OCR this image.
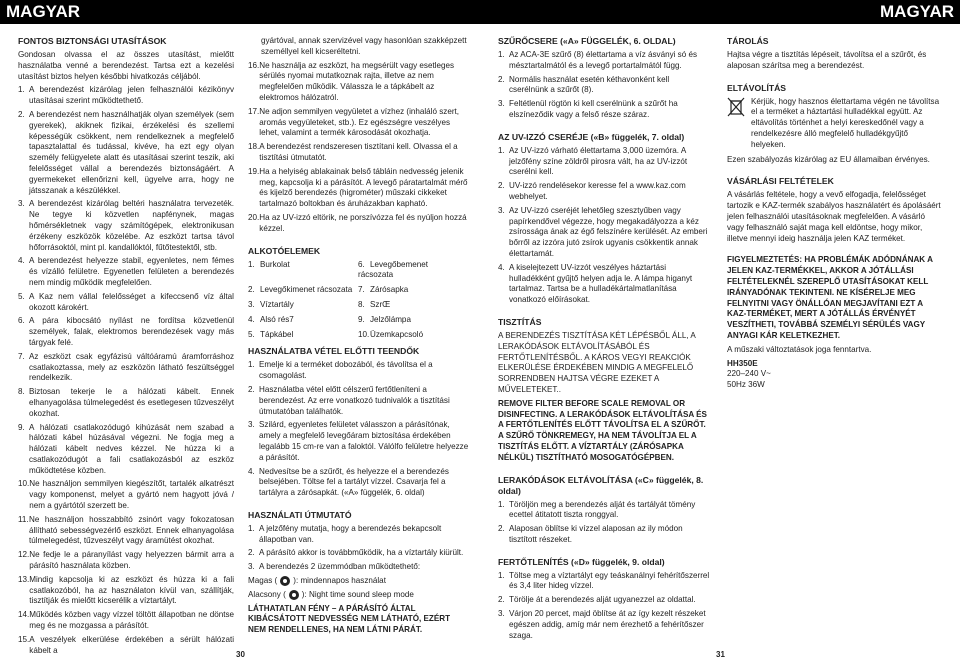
MAGYAR	MAGYAR
FONTOS BIZTONSÁGI UTASÍTÁSOK

Gondosan olvassa el az összes utasítást, mielőtt használatba venné a berendezést. Tartsa ezt a kezelési utasítást biztos helyen későbbi hivatkozás céljából.

1. A berendezést kizárólag jelen felhasználói kézikönyv utasításai szerint működtethető.
2. A berendezést nem használhatják olyan személyek (sem gyerekek), akiknek fizikai, érzékelési és szellemi képességük csökkent, nem rendelkeznek a megfelelő tapasztalattal és tudással, kivéve, ha ezt egy olyan személy felügyelete alatt és utasításai szerint teszik, aki felelősséget vállal a berendezés biztonságáért. A gyermekeket ellenőrizni kell, ügyelve arra, hogy ne játsszanak a készülékkel.
3. A berendezést kizárólag beltéri használatra tervezeték. Ne tegye ki közvetlen napfénynek, magas hőmérsékletnek vagy számítógépek, elektronikusan érzékeny eszközök közelébe. Az eszközt tartsa távol hőforrásoktól, mint pl. kandallóktól, fűtőtestektől, stb.
4. A berendezést helyezze stabil, egyenletes, nem fémes és vízálló felületre. Egyenetlen felületen a berendezés nem mindig működik megfelelően.
5. A Kaz nem vállal felelősséget a kifeccsenő víz által okozott károkért.
6. A pára kibocsátó nyílást ne fordítsa közvetlenül személyek, falak, elektromos berendezések vagy más tárgyak felé.
7. Az eszközt csak egyfázisú váltóáramú áramforráshoz csatlakoztassa, mely az eszközön látható feszültséggel rendelkezik.
8. Biztosan tekerje le a hálózati kábelt. Ennek elhanyagolása túlmelegedést és esetlegesen tűzveszélyt okozhat.
9. A hálózati csatlakozódugó kihúzását nem szabad a hálózati kábel húzásával végezni. Ne fogja meg a hálózati kábelt nedves kézzel. Ne húzza ki a csatlakozódugót a fali csatlakozásból az eszköz működtetése közben.
10. Ne használjon semmilyen kiegészítőt, tartalék alkatrészt vagy komponenst, melyet a gyártó nem hagyott jóvá / nem a gyártótól szerzett be.
11. Ne használjon hosszabbító zsinórt vagy fokozatosan állítható sebességvezérlő eszközt. Ennek elhanyagolása túlmelegedést, tűzveszélyt vagy áramütést okozhat.
12. Ne fedje le a páranyílást vagy helyezzen bármit arra a párásító használata közben.
13. Mindig kapcsolja ki az eszközt és húzza ki a fali csatlakozóból, ha az használaton kívül van, szállítják, tisztítják és mielőtt kicserélik a víztartályt.
14. Működés közben vagy vízzel töltött állapotban ne döntse meg és ne mozgassa a párásítót.
15. A veszélyek elkerülése érdekében a sérült hálózati kábelt a

gyártóval, annak szervizével vagy hasonlóan szakképzett személlyel kell kicseréltetni.

16. Ne használja az eszközt, ha megsérült vagy esetleges sérülés nyomai mutatkoznak rajta, illetve az nem megfelelően működik. Válassza le a tápkábelt az elektromos hálózatról.
17. Ne adjon semmilyen vegyületet a vízhez (inhaláló szert, aromás vegyületeket, stb.). Ez egészségre veszélyes lehet, valamint a termék károsodását okozhatja.
18. A berendezést rendszeresen tisztítani kell. Olvassa el a tisztítási útmutatót.
19. Ha a helyiség ablakainak belső tábláin nedvesség jelenik meg, kapcsolja ki a párásítót. A levegő páratartalmát mérő és kijelző berendezés (higrométer) műszaki cikkeket tartalmazó boltokban és áruházakban kapható.
20. Ha az UV-izzó eltörik, ne porszívózza fel és nyúljon hozzá kézzel.
ALKOTÓELEMEK
1. Burkolat	6. Levegőbemenet rácsozata
2. Levegőkimenet rácsozata 7. Zárósapka
3. Víztartály	8. SzrŒ
4. Alsó rés7	9. Jelzőlámpa
5. Tápkábel	10.Üzemkapcsoló
HASZNÁLATBA VÉTEL ELŐTTI TEENDŐK
1. Emelje ki a terméket dobozából, és távolítsa el a csomagolást.
2. Használatba vétel előtt célszerű fertőtleníteni a berendezést. Az erre vonatkozó tudnivalók a tisztítási útmutatóban találhatók.
3. Szilárd, egyenletes felületet válasszon a párásítónak, amely a megfelelő levegőáram biztosítása érdekében legalább 15 cm-re van a faloktól. Válólfo felületre helyezze a párásítót.
4. Nedvesítse be a szűrőt, és helyezze el a berendezés belsejében. Töltse fel a tartályt vízzel. Csavarja fel a tartályra a zárósapkát. («A» függelék, 6. oldal)
HASZNÁLATI ÚTMUTATÓ
1. A jelzőfény mutatja, hogy a berendezés bekapcsolt állapotban van.
2. A párásító akkor is továbbműködik, ha a víztartály kiürült.
3. A berendezés 2 üzemmódban működtethető:
Magas ( ): mindennapos használat
Alacsony ( ): Night time sound sleep mode

LÁTHATATLAN FÉNY – A PÁRÁSÍTÓ ÁLTAL KIBÁCSÁTOTT NEDVESSÉG NEM LÁTHATÓ, EZÉRT NEM RENDELLENES, HA NEM LÁTNI PÁRÁT.

SZŰRŐCSERE («A» FÜGGELÉK, 6. OLDAL)
1. Az ACA-3E szűrő (8) élettartama a víz ásványi só és mésztartalmától és a levegő portartalmától függ.
2. Normális használat esetén kéthavonként kell cserélnünk a szűrőt (8).
3. Feltétlenül rögtön ki kell cserélnünk a szűrőt ha elszíneződik vagy a felső része száraz.
AZ UV-IZZÓ CSERÉJE («B» függelék, 7. oldal)
1. Az UV-izzó várható élettartama 3,000 üzemóra. A jelzőfény színe zöldről pirosra vált, ha az UV-izzót cserélni kell.
2. UV-izzó rendelésekor keresse fel a www.kaz.com webhelyet.
3. Az UV-izzó cseréjét lehetőleg szesztyűben vagy papírkendővel végezze, hogy megakadályozza a kéz zsírossága ának az égő felszínére kerülését. Az emberi bőrről az izzóra jutó zsírok ugyanis csökkentik annak élettartamát.
4. A kiselejtezett UV-izzót veszélyes háztartási hulladékként gyűjtő helyen adja le. A lámpa higanyt tartalmaz. Tartsa be a hulladékártalmatlanítása vonatkozó előírásokat.
TISZTÍTÁS

A BERENDEZÉS TISZTÍTÁSA KÉT LÉPÉSBŐL ÁLL, A LERAKÓDÁSOK ELTÁVOLÍTÁSÁBÓL ÉS FERTŐTLENÍTÉSBŐL. A KÁROS VEGYI REAKCIÓK ELKERÜLÉSE ÉRDEKÉBEN MINDIG A MEGFELELŐ SORRENDBEN HAJTSA VÉGRE EZEKET A MŰVELETEKET..

REMOVE FILTER BEFORE SCALE REMOVAL OR DISINFECTING. A LERAKÓDÁSOK ELTÁVOLÍTÁSA ÉS A FERTŐTLENÍTÉS ELŐTT TÁVOLÍTSA EL A SZŰRŐT. A SZŰRŐ TÖNKREMEGY, HA NEM TÁVOLÍTJA EL A TISZTÍTÁS ELŐTT. A VÍZTARTÁLY (ZÁRÓSAPKA NÉLKÜL) TISZTÍTHATÓ MOSOGATÓGÉPBEN.

LERAKÓDÁSOK ELTÁVOLÍTÁSA («C» függelék, 8. oldal)
1. Töröljön meg a berendezés alját és tartályát tömény ecettel átitatott tiszta ronggyal.
2. Alaposan öblítse ki vízzel alaposan az ily módon tisztított részeket.
FERTŐTLENÍTÉS («D» függelék, 9. oldal)
1. Töltse meg a víztartályt egy teáskanálnyi fehérítőszerrel és 3,4 liter hideg vízzel.
2. Törölje át a berendezés alját ugyanezzel az oldattal.
3. Várjon 20 percet, majd öblítse át az így kezelt részeket egészen addig, amíg már nem érezhető a fehérítőszer szaga.
TÁROLÁS

Hajtsa végre a tisztítás lépéseit, távolítsa el a szűrőt, és alaposan szárítsa meg a berendezést.

ELTÁVOLÍTÁS
Kérjük, hogy hasznos élettartama végén ne távolítsa el a terméket a háztartási hulladékkal együtt. Az eltávolítás történhet a helyi kereskedőnél vagy a rendelkezésre álló megfelelő hulladékgyűjtő helyeken.

Ezen szabályozás kizárólag az EU államaiban érvényes.

VÁSÁRLÁSI FELTÉTELEK

A vásárlás feltétele, hogy a vevő elfogadja, felelősséget tartozik e KAZ-termék szabályos használatért és ápolásáért jelen felhasználói utasításoknak megfelelően. A vásárló vagy felhasználó saját maga kell eldöntse, hogy mikor, illetve mennyi ideig használja jelen KAZ terméket.

FIGYELMEZTETÉS: HA PROBLÉMÁK ADÓDNÁNAK A JELEN KAZ-TERMÉKKEL, AKKOR A JÓTÁLLÁSI FELTÉTELEKNÉL SZEREPLŐ UTASÍTÁSOKAT KELL IRÁNYADÓNAK TEKINTENI. NE KÍSÉRELJE MEG FELNYITNI VAGY ÖNÁLLÓAN MEGJAVÍTANI EZT A KAZ-TERMÉKET, MERT A JÓTÁLLÁS ÉRVÉNYÉT VESZÍTHETI, TOVÁBBÁ SZEMÉLYI SÉRÜLÉS VAGY ANYAGI KÁR KELETKEZHET.

A műszaki változtatások joga fenntartva.

HH350E

220–240 V~

50Hz 36W

30	31
